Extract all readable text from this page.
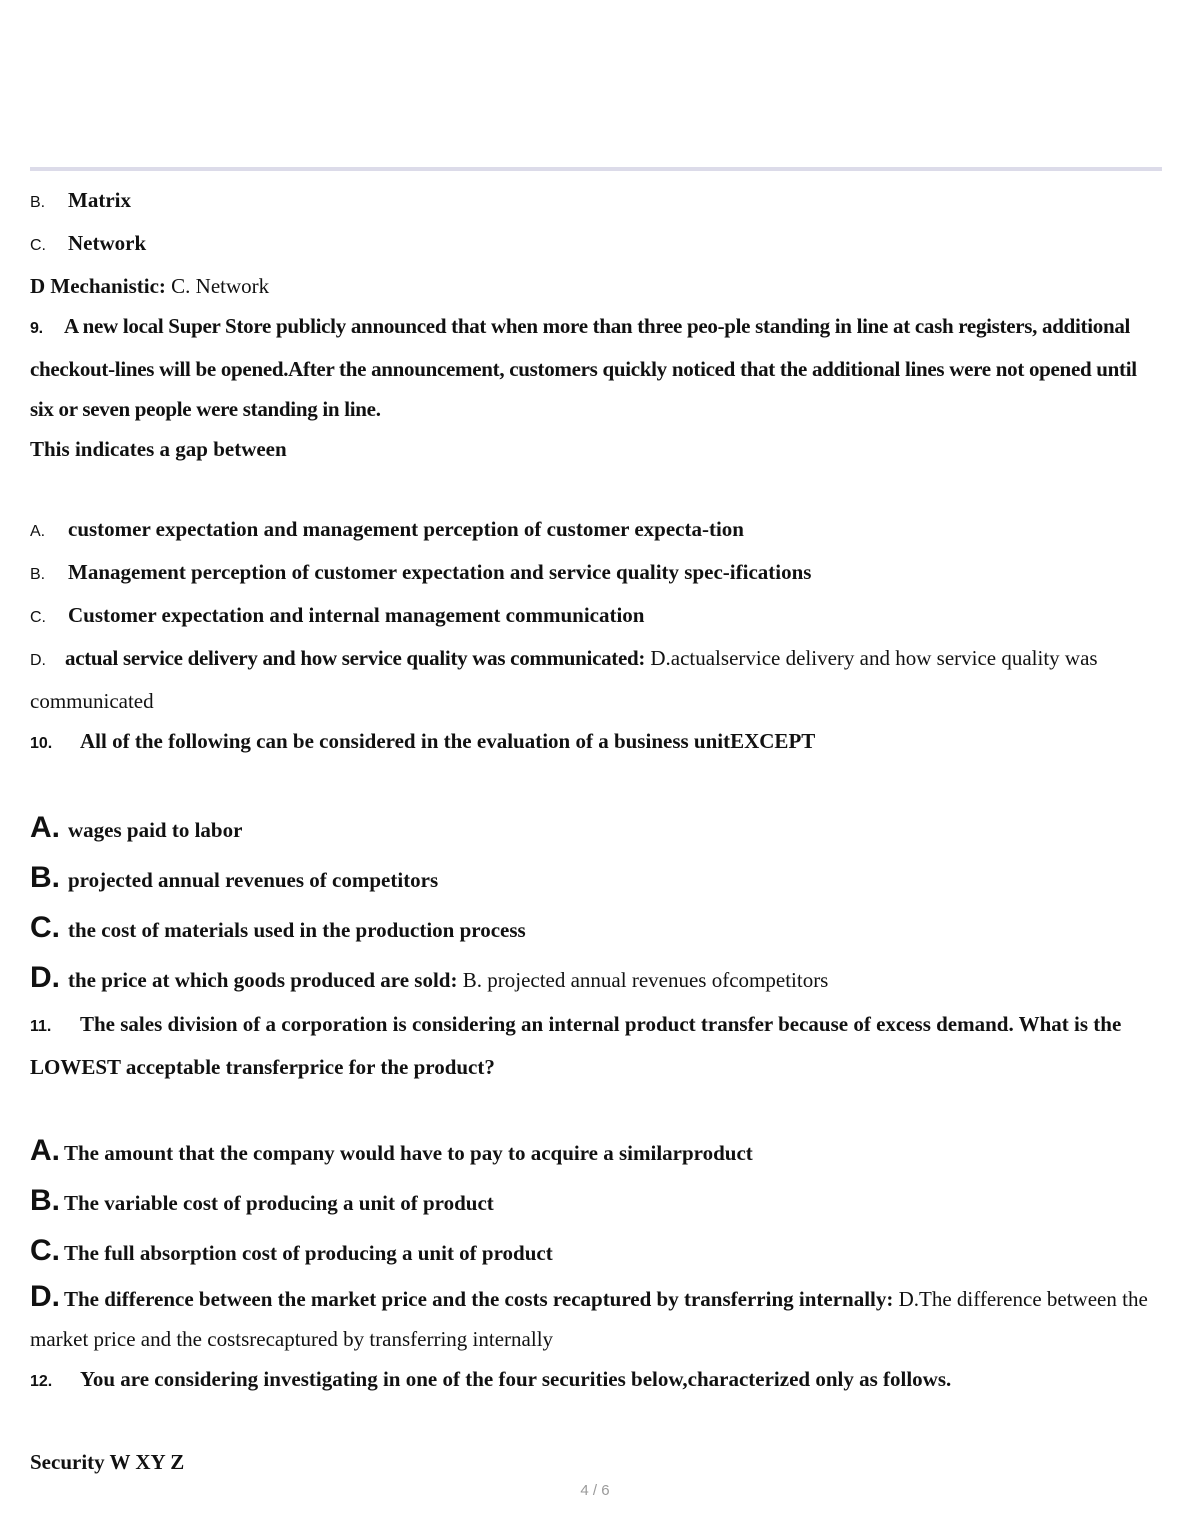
B. Matrix
C. Network
D Mechanistic: C. Network
9. A new local Super Store publicly announced that when more than three peo-ple standing in line at cash registers, additional checkout-lines will be opened.After the announcement, customers quickly noticed that the additional lines were not opened until six or seven people were standing in line.
This indicates a gap between
A. customer expectation and management perception of customer expecta-tion
B. Management perception of customer expectation and service quality spec-ifications
C. Customer expectation and internal management communication
D. actual service delivery and how service quality was communicated: D.actualservice delivery and how service quality was communicated
10. All of the following can be considered in the evaluation of a business unitEXCEPT
A. wages paid to labor
B. projected annual revenues of competitors
C. the cost of materials used in the production process
D. the price at which goods produced are sold: B. projected annual revenues ofcompetitors
11. The sales division of a corporation is considering an internal product transfer because of excess demand. What is the LOWEST acceptable transferprice for the product?
A. The amount that the company would have to pay to acquire a similarproduct
B. The variable cost of producing a unit of product
C. The full absorption cost of producing a unit of product
D. The difference between the market price and the costs recaptured by transferring internally: D.The difference between the market price and the costsrecaptured by transferring internally
12. You are considering investigating in one of the four securities below,characterized only as follows.
Security W XY Z
4 / 6
